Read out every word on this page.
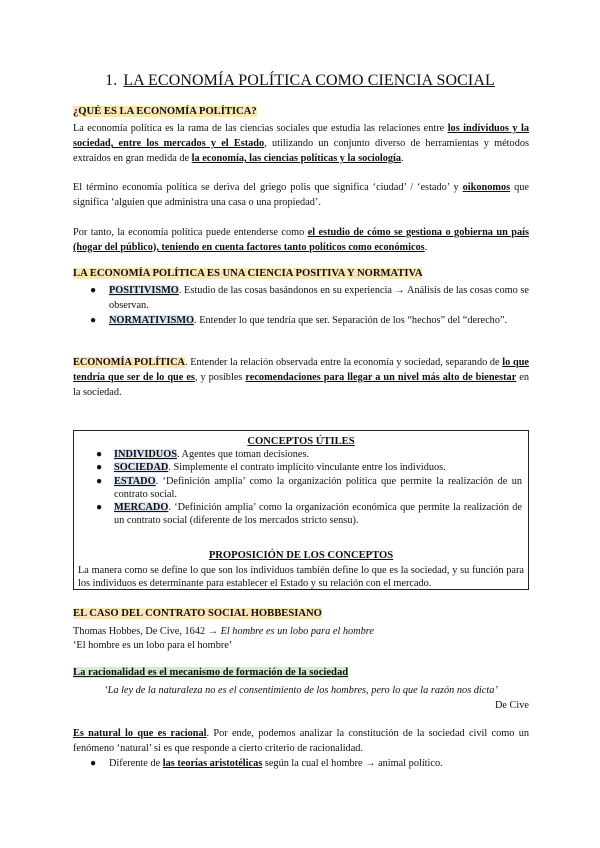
1. LA ECONOMÍA POLÍTICA COMO CIENCIA SOCIAL
¿QUÉ ES LA ECONOMÍA POLÍTICA?
La economía política es la rama de las ciencias sociales que estudia las relaciones entre los individuos y la sociedad, entre los mercados y el Estado, utilizando un conjunto diverso de herramientas y métodos extraídos en gran medida de la economía, las ciencias políticas y la sociología.
El término economía política se deriva del griego polis que significa ‘ciudad’ / ‘estado’ y oikonomos que significa ‘alguien que administra una casa o una propiedad’.
Por tanto, la economía política puede entenderse como el estudio de cómo se gestiona o gobierna un país (hogar del público), teniendo en cuenta factores tanto políticos como económicos.
LA ECONOMÍA POLÍTICA ES UNA CIENCIA POSITIVA Y NORMATIVA
● POSITIVISMO. Estudio de las cosas basándonos en su experiencia → Análisis de las cosas como se observan.
● NORMATIVISMO. Entender lo que tendría que ser. Separación de los “hechos” del “derecho”.
ECONOMÍA POLÍTICA. Entender la relación observada entre la economía y sociedad, separando de lo que tendría que ser de lo que es, y posibles recomendaciones para llegar a un nivel más alto de bienestar en la sociedad.
CONCEPTOS ÚTILES
● INDIVIDUOS. Agentes que toman decisiones.
● SOCIEDAD. Simplemente el contrato implícito vinculante entre los individuos.
● ESTADO. ‘Definición amplia’ como la organización política que permite la realización de un contrato social.
● MERCADO. ‘Definición amplia’ como la organización económica que permite la realización de un contrato social (diferente de los mercados stricto sensu).
PROPOSICIÓN DE LOS CONCEPTOS
La manera como se define lo que son los individuos también define lo que es la sociedad, y su función para los individuos es determinante para establecer el Estado y su relación con el mercado.
EL CASO DEL CONTRATO SOCIAL HOBBESIANO
Thomas Hobbes, De Cive, 1642 → El hombre es un lobo para el hombre
‘El hombre es un lobo para el hombre’
La racionalidad es el mecanismo de formación de la sociedad
‘La ley de la naturaleza no es el consentimiento de los hombres, pero lo que la razón nos dicta’
De Cive
Es natural lo que es racional. Por ende, podemos analizar la constitución de la sociedad civil como un fenómeno ‘natural’ si es que responde a cierto criterio de racionalidad.
● Diferente de las teorías aristotélicas según la cual el hombre → animal político.
